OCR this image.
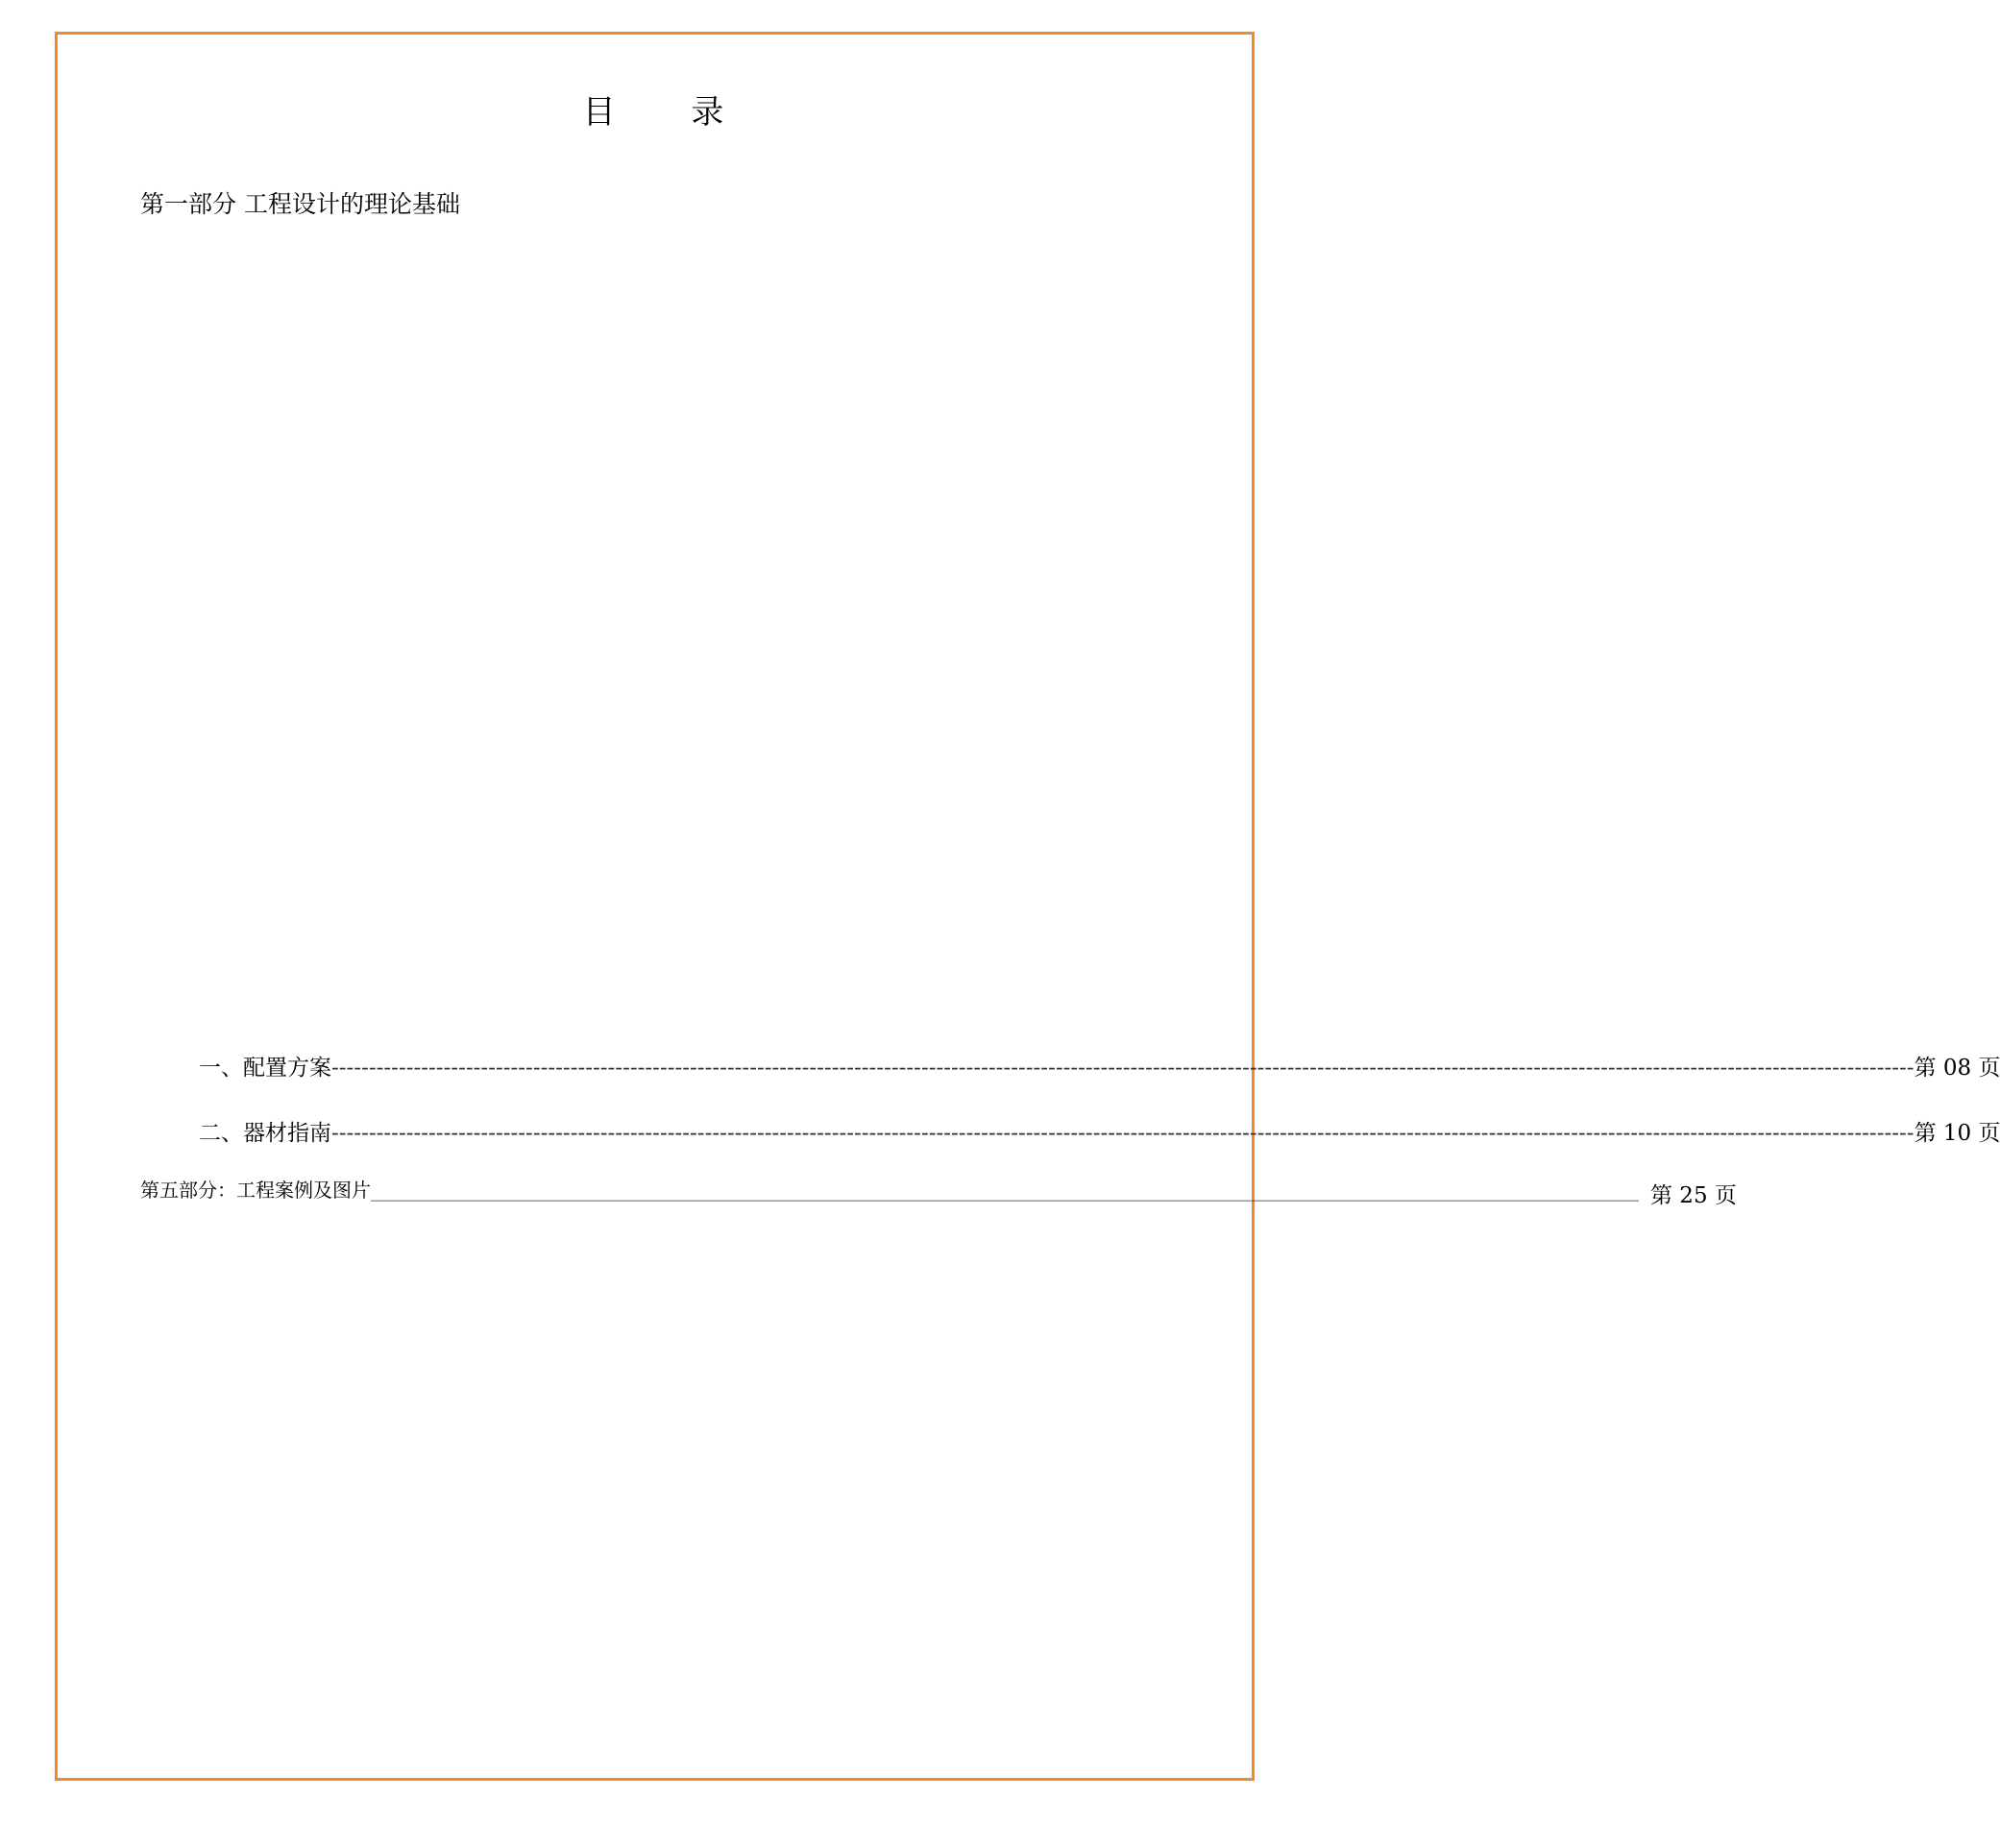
目 录
第一部分 工程设计的理论基础
一、配置方案 -------------------------------------------------------------------------------------------------------------------------------------------------------------------------------------------------------------------- 第 08 页
二、器材指南 -------------------------------------------------------------------------------------------------------------------------------------------------------------------------------------------------------------------- 第 10 页
第五部分：工程案例及图片 ____________________________________________________________________________________________________________________________________ 第 25 页
